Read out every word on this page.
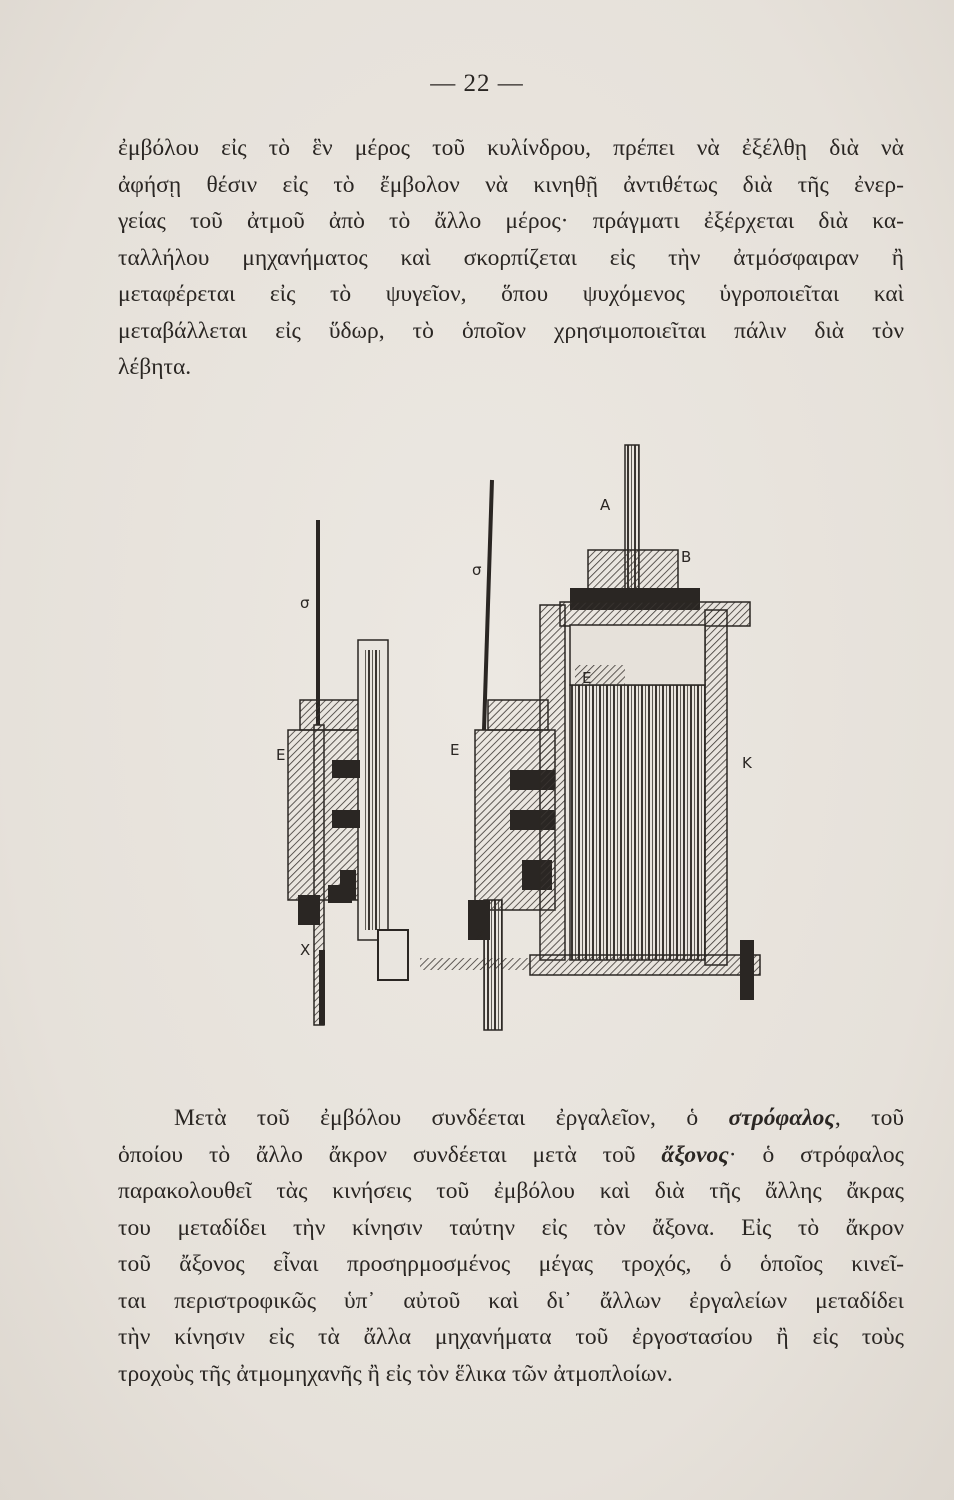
— 22 —
ἐμβόλου εἰς τὸ ἓν μέρος τοῦ κυλίνδρου, πρέπει νὰ ἐξέλθῃ διὰ νὰ
ἀφήσῃ θέσιν εἰς τὸ ἔμβολον νὰ κινηθῇ ἀντιθέτως διὰ τῆς ἐνερ-
γείας τοῦ ἀτμοῦ ἀπὸ τὸ ἄλλο μέρος· πράγματι ἐξέρχεται διὰ κα-
ταλλήλου μηχανήματος καὶ σκορπίζεται εἰς τὴν ἀτμόσφαιραν ἢ
μεταφέρεται εἰς τὸ ψυγεῖον, ὅπου ψυχόμενος ὑγροποιεῖται καὶ
μεταβάλλεται εἰς ὕδωρ, τὸ ὁποῖον χρησιμοποιεῖται πάλιν διὰ τὸν
λέβητα.
Α
Β
Κ
Ε	Ε
Ε
Χ
Χ
σ
σ
Μετὰ τοῦ ἐμβόλου συνδέεται ἐργαλεῖον, ὁ στρόφαλος, τοῦ
ὁποίου τὸ ἄλλο ἄκρον συνδέεται μετὰ τοῦ ἄξονος· ὁ στρόφαλος
παρακολουθεῖ τὰς κινήσεις τοῦ ἐμβόλου καὶ διὰ τῆς ἄλλης ἄκρας
του μεταδίδει τὴν κίνησιν ταύτην εἰς τὸν ἄξονα. Εἰς τὸ ἄκρον
τοῦ ἄξονος εἶναι προσηρμοσμένος μέγας τροχός, ὁ ὁποῖος κινεῖ-
ται περιστροφικῶς ὑπ᾽ αὐτοῦ καὶ δι᾽ ἄλλων ἐργαλείων μεταδίδει
τὴν κίνησιν εἰς τὰ ἄλλα μηχανήματα τοῦ ἐργοστασίου ἢ εἰς τοὺς
τροχοὺς τῆς ἀτμομηχανῆς ἢ εἰς τὸν ἕλικα τῶν ἀτμοπλοίων.
